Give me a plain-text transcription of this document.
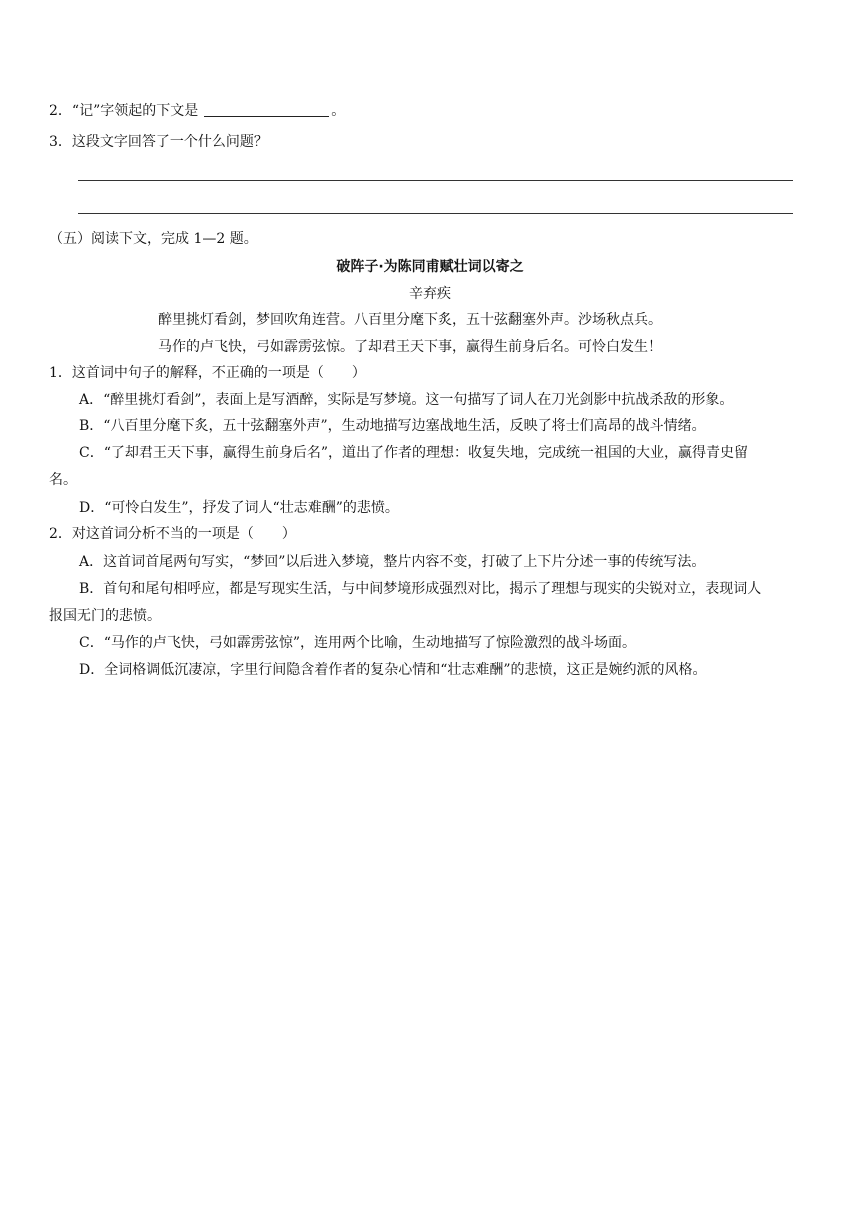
2．“记”字领起的下文是	。
3．这段文字回答了一个什么问题？
（五）阅读下文，完成 1—2 题。
破阵子·为陈同甫赋壮词以寄之
辛弃疾
醉里挑灯看剑，梦回吹角连营。八百里分麾下炙，五十弦翻塞外声。沙场秋点兵。
马作的卢飞快，弓如霹雳弦惊。了却君王天下事，赢得生前身后名。可怜白发生！
1．这首词中句子的解释，不正确的一项是（　　）
A．“醉里挑灯看剑”，表面上是写酒醉，实际是写梦境。这一句描写了词人在刀光剑影中抗战杀敌的形象。
B．“八百里分麾下炙，五十弦翻塞外声”，生动地描写边塞战地生活，反映了将士们高昂的战斗情绪。
C．“了却君王天下事，赢得生前身后名”，道出了作者的理想：收复失地，完成统一祖国的大业，赢得青史留
名。
D．“可怜白发生”，抒发了词人“壮志难酬”的悲愤。
2．对这首词分析不当的一项是（　　）
A．这首词首尾两句写实，“梦回”以后进入梦境，整片内容不变，打破了上下片分述一事的传统写法。
B．首句和尾句相呼应，都是写现实生活，与中间梦境形成强烈对比，揭示了理想与现实的尖锐对立，表现词人
报国无门的悲愤。
C．“马作的卢飞快，弓如霹雳弦惊”，连用两个比喻，生动地描写了惊险激烈的战斗场面。
D．全词格调低沉凄凉，字里行间隐含着作者的复杂心情和“壮志难酬”的悲愤，这正是婉约派的风格。
